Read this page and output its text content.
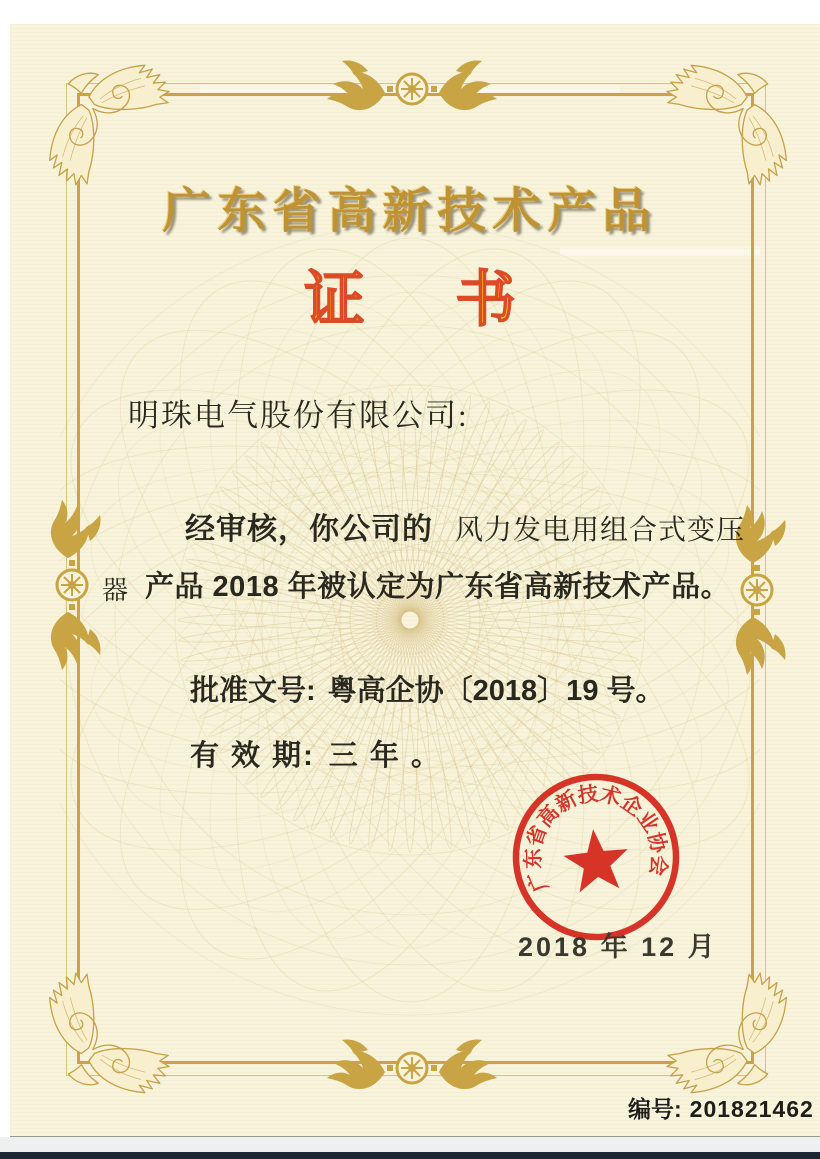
广东省高新技术产品
证 书
明珠电气股份有限公司:
经审核，你公司的 风力发电用组合式变压
器 产品 2018 年被认定为广东省高新技术产品。
批准文号: 粤高企协〔2018〕19 号。
有 效 期: 三 年 。
广东省高新技术企业协会
2018 年 12 月
编号: 201821462
